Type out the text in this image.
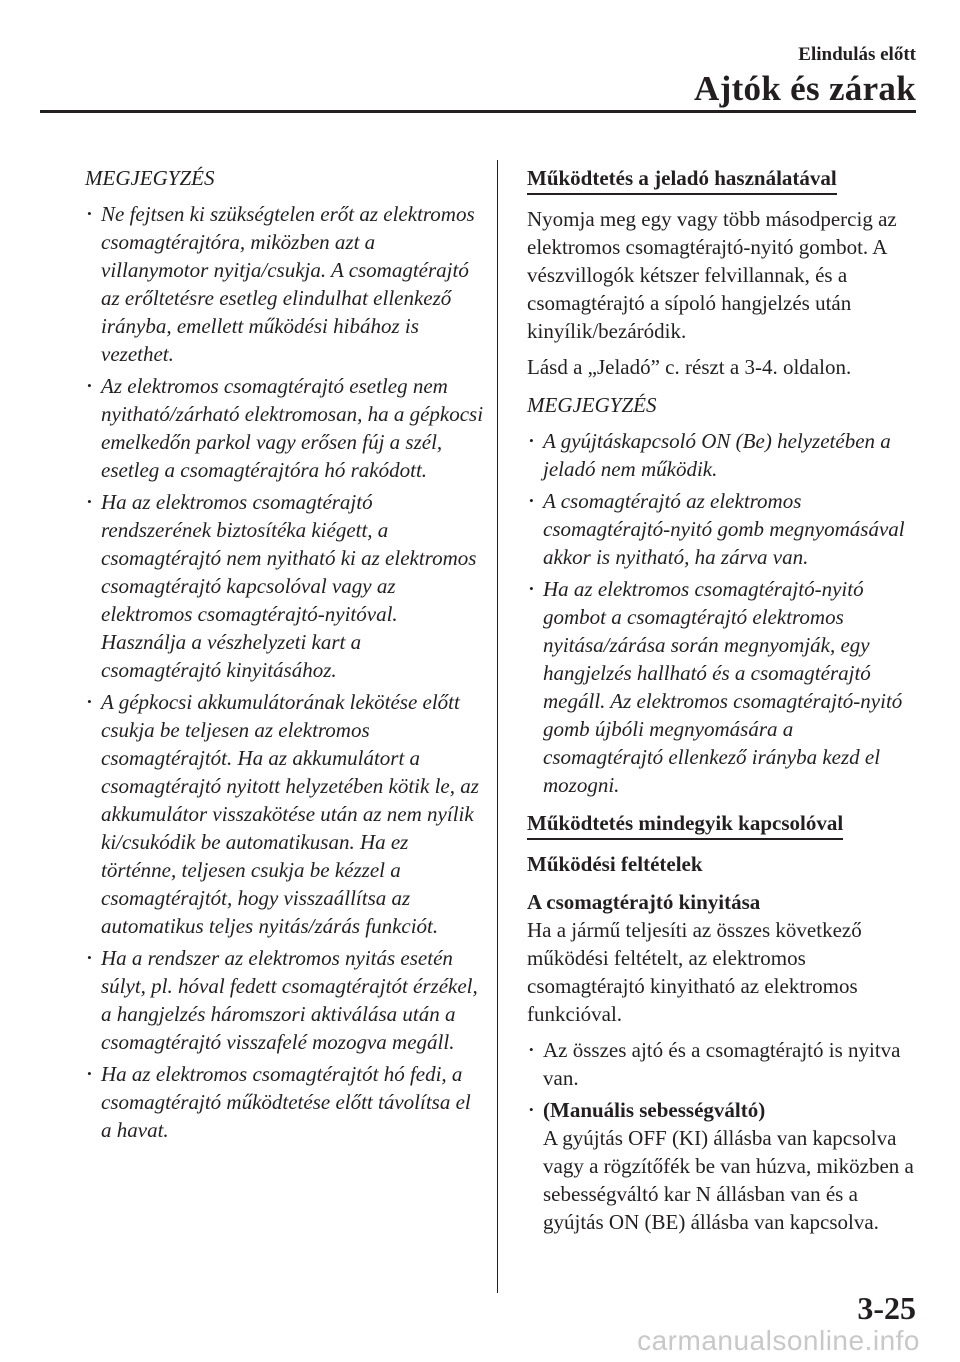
Elindulás előtt
Ajtók és zárak
MEGJEGYZÉS
• Ne fejtsen ki szükségtelen erőt az elektromos csomagtérajtóra, miközben azt a villanymotor nyitja/csukja. A csomagtérajtó az erőltetésre esetleg elindulhat ellenkező irányba, emellett működési hibához is vezethet.
• Az elektromos csomagtérajtó esetleg nem nyitható/zárható elektromosan, ha a gépkocsi emelkedőn parkol vagy erősen fúj a szél, esetleg a csomagtérajtóra hó rakódott.
• Ha az elektromos csomagtérajtó rendszerének biztosítéka kiégett, a csomagtérajtó nem nyitható ki az elektromos csomagtérajtó kapcsolóval vagy az elektromos csomagtérajtó-nyitóval. Használja a vészhelyzeti kart a csomagtérajtó kinyitásához.
• A gépkocsi akkumulátorának lekötése előtt csukja be teljesen az elektromos csomagtérajtót. Ha az akkumulátort a csomagtérajtó nyitott helyzetében kötik le, az akkumulátor visszakötése után az nem nyílik ki/csukódik be automatikusan. Ha ez történne, teljesen csukja be kézzel a csomagtérajtót, hogy visszaállítsa az automatikus teljes nyitás/zárás funkciót.
• Ha a rendszer az elektromos nyitás esetén súlyt, pl. hóval fedett csomagtérajtót érzékel, a hangjelzés háromszori aktiválása után a csomagtérajtó visszafelé mozogva megáll.
• Ha az elektromos csomagtérajtót hó fedi, a csomagtérajtó működtetése előtt távolítsa el a havat.
Működtetés a jeladó használatával

Nyomja meg egy vagy több másodpercig az elektromos csomagtérajtó-nyitó gombot. A vészvillogók kétszer felvillannak, és a csomagtérajtó a sípoló hangjelzés után kinyílik/bezáródik.

Lásd a „Jeladó” c. részt a 3-4. oldalon.

MEGJEGYZÉS
• A gyújtáskapcsoló ON (Be) helyzetében a jeladó nem működik.
• A csomagtérajtó az elektromos csomagtérajtó-nyitó gomb megnyomásával akkor is nyitható, ha zárva van.
• Ha az elektromos csomagtérajtó-nyitó gombot a csomagtérajtó elektromos nyitása/zárása során megnyomják, egy hangjelzés hallható és a csomagtérajtó megáll. Az elektromos csomagtérajtó-nyitó gomb újbóli megnyomására a csomagtérajtó ellenkező irányba kezd el mozogni.
Működtetés mindegyik kapcsolóval
Működési feltételek
A csomagtérajtó kinyitása

Ha a jármű teljesíti az összes következő működési feltételt, az elektromos csomagtérajtó kinyitható az elektromos funkcióval.

• Az összes ajtó és a csomagtérajtó is nyitva van.
• (Manuális sebességváltó)
A gyújtás OFF (KI) állásba van kapcsolva vagy a rögzítőfék be van húzva, miközben a sebességváltó kar N állásban van és a gyújtás ON (BE) állásba van kapcsolva.
3-25
carmanualsonline.info
